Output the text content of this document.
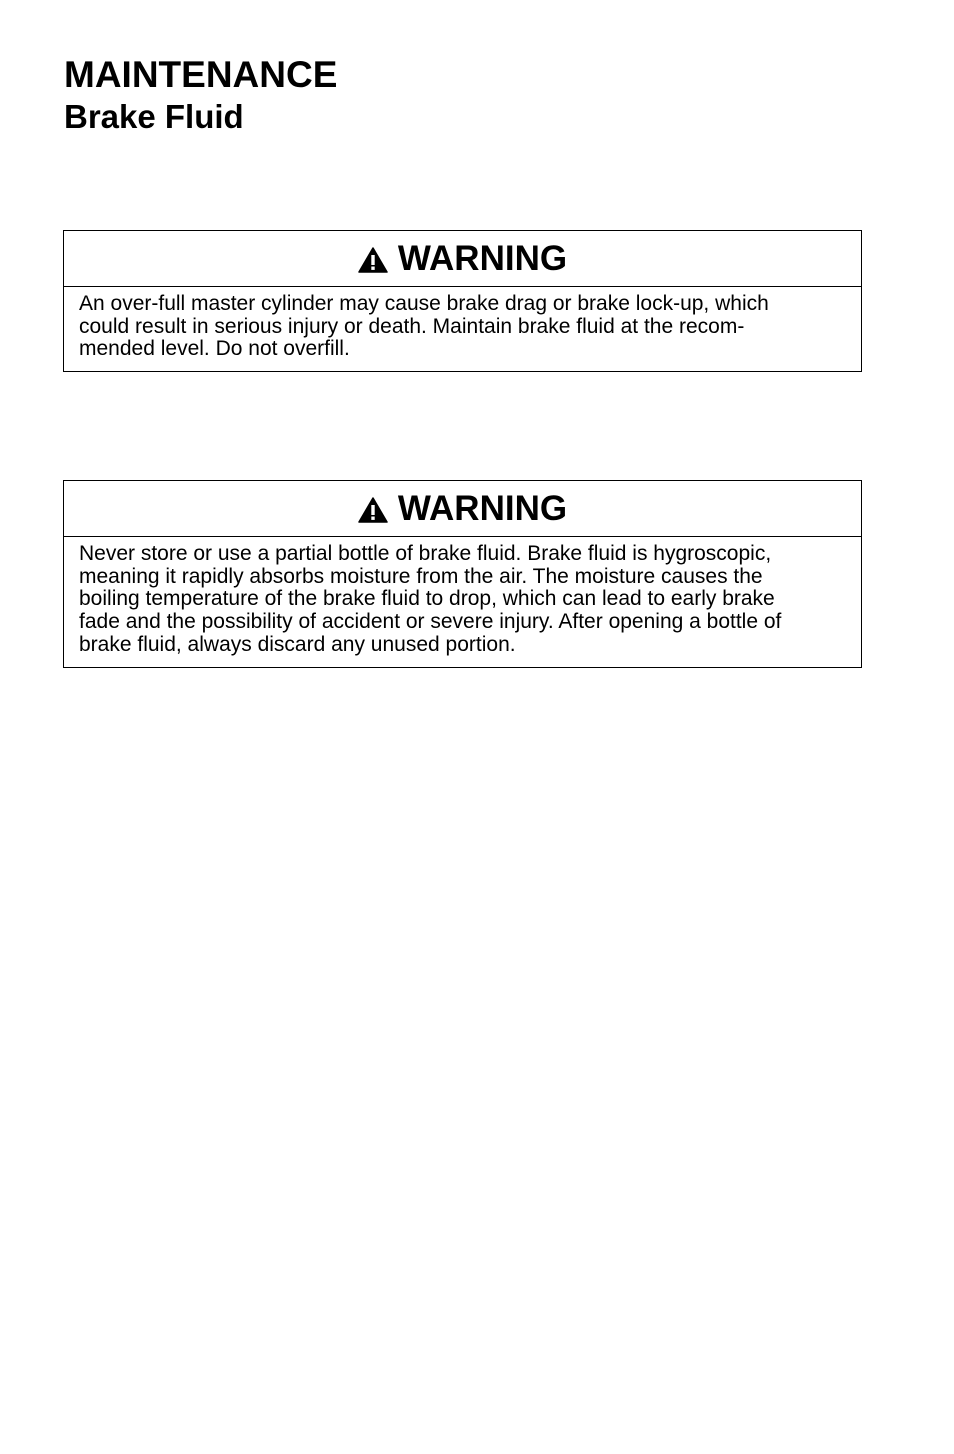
MAINTENANCE
Brake Fluid
WARNING
An over-full master cylinder may cause brake drag or brake lock-up, which
could result in serious injury or death. Maintain brake fluid at the recom-
mended level. Do not overfill.
WARNING
Never store or use a partial bottle of brake fluid. Brake fluid is hygroscopic,
meaning it rapidly absorbs moisture from the air. The moisture causes the
boiling temperature of the brake fluid to drop, which can lead to early brake
fade and the possibility of accident or severe injury. After opening a bottle of
brake fluid, always discard any unused portion.
